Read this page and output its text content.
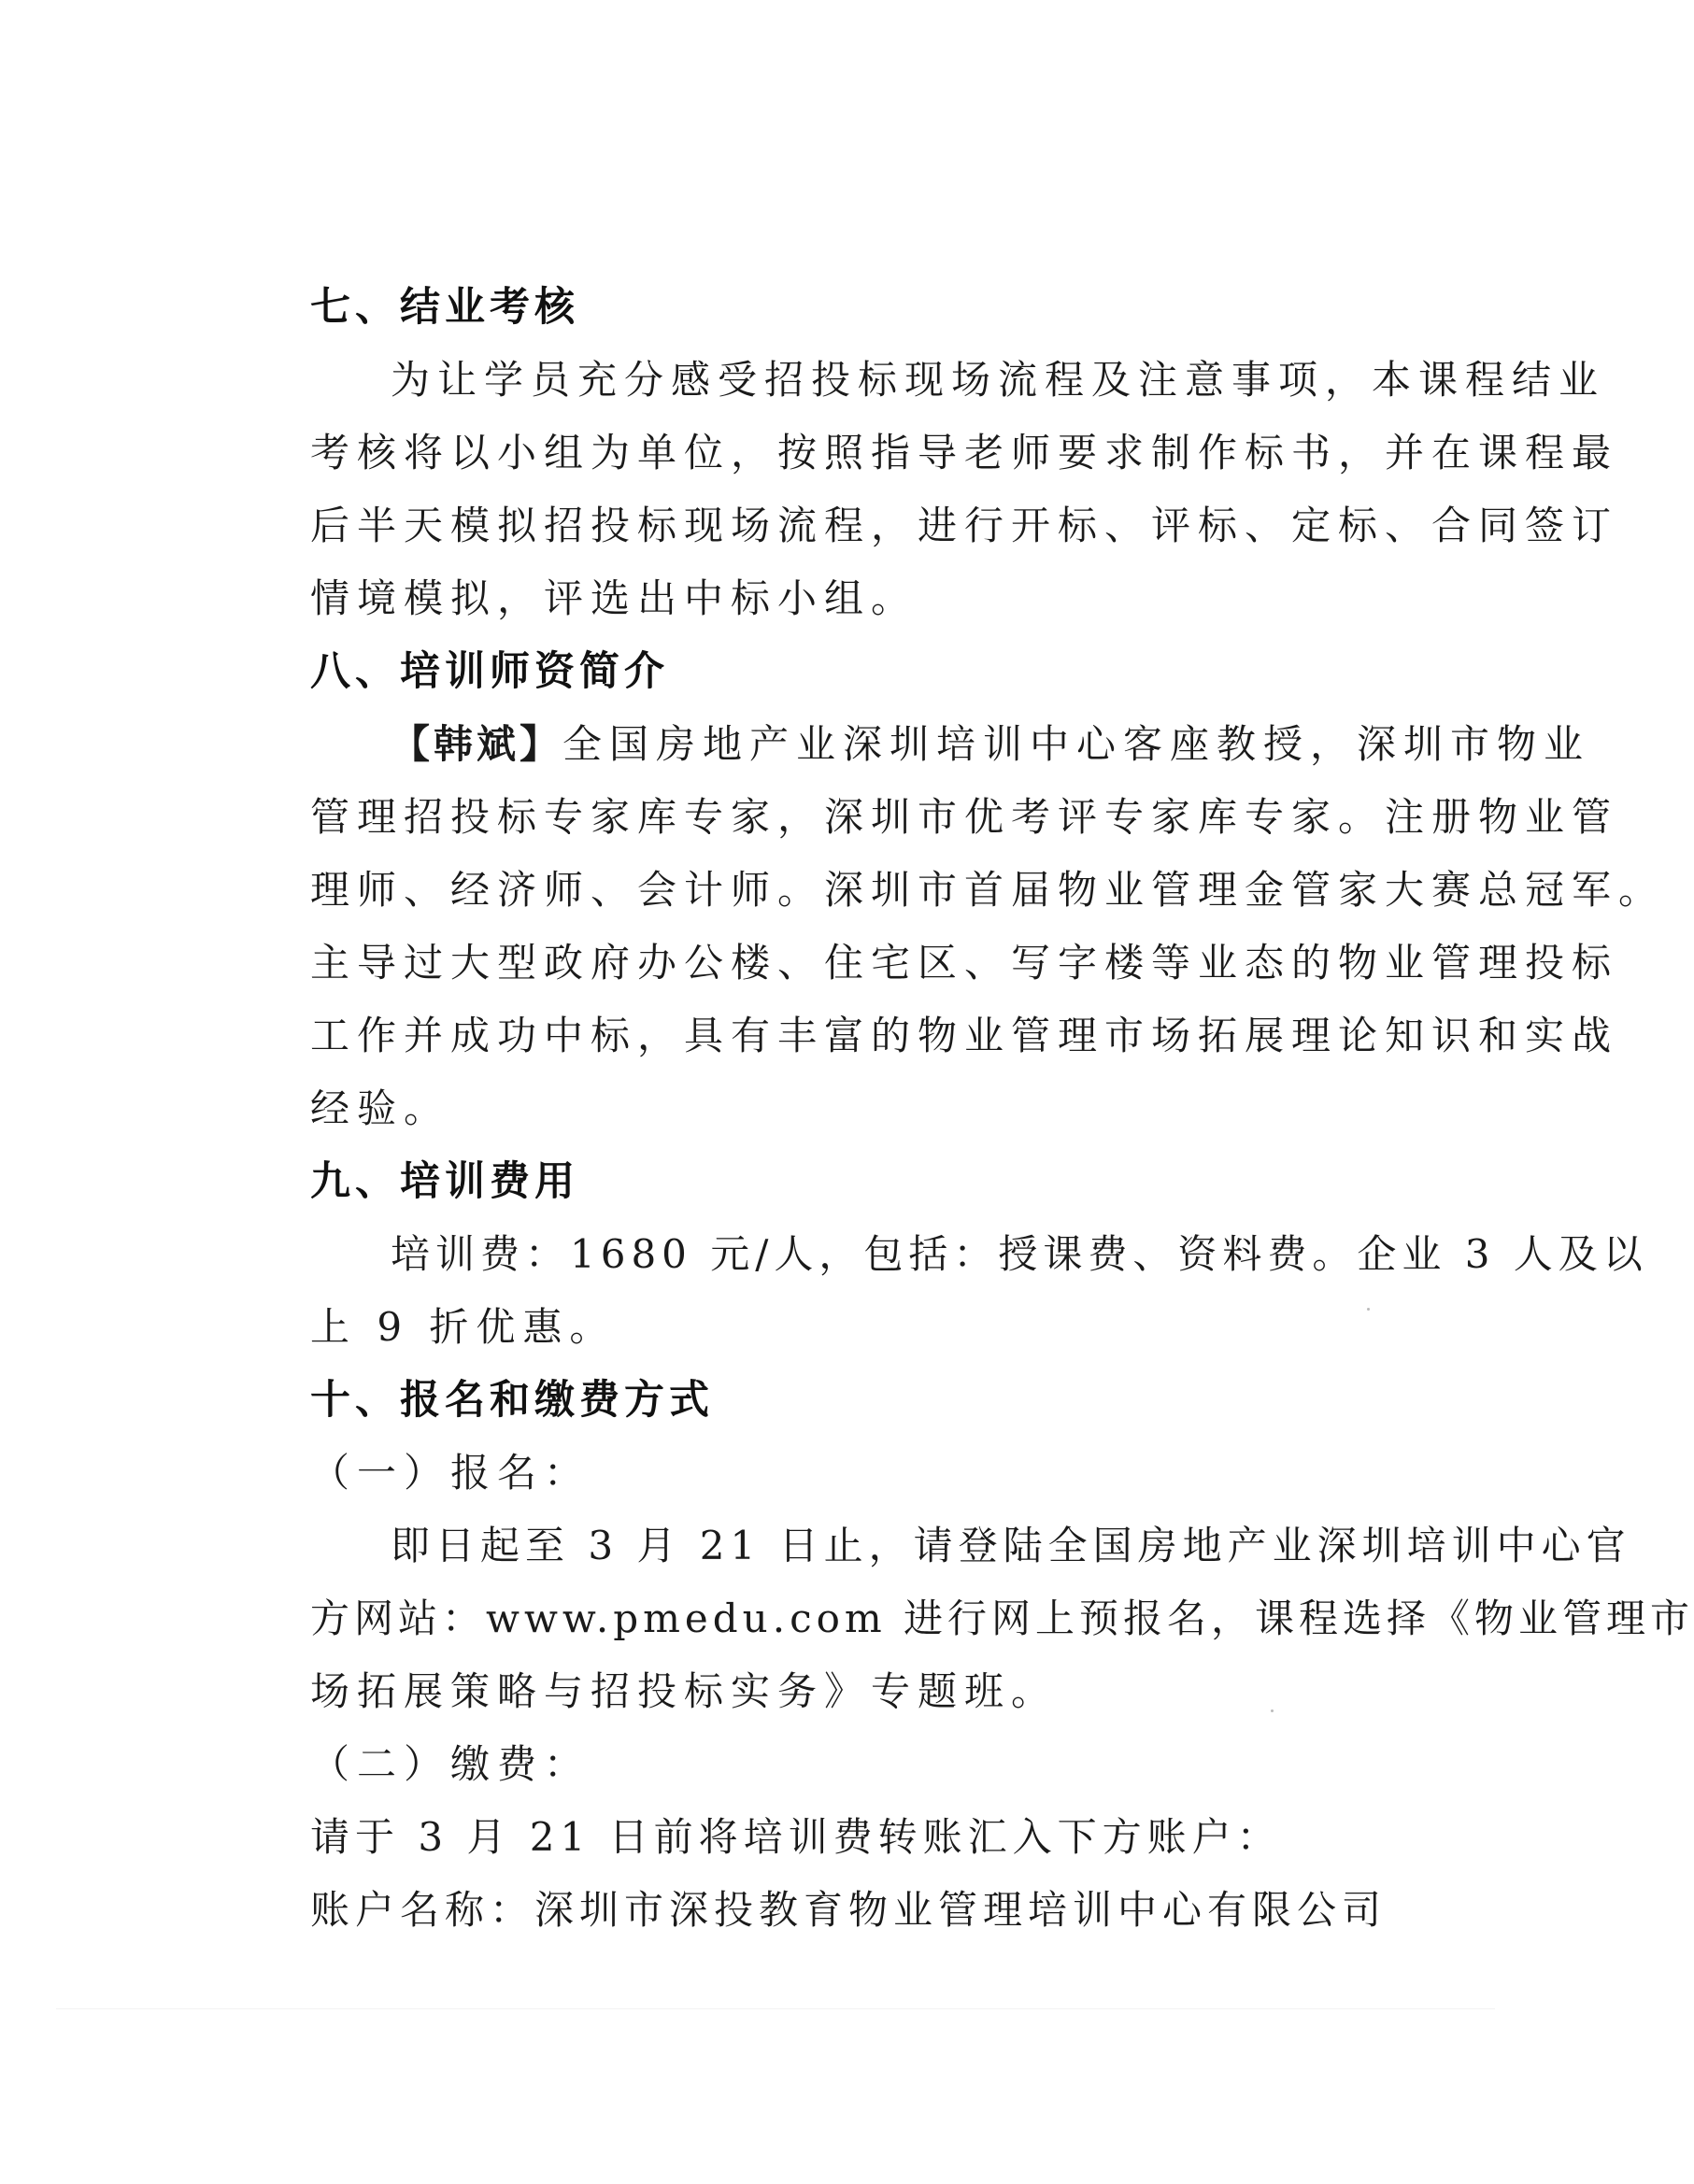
七、结业考核
为让学员充分感受招投标现场流程及注意事项，本课程结业
考核将以小组为单位，按照指导老师要求制作标书，并在课程最
后半天模拟招投标现场流程，进行开标、评标、定标、合同签订
情境模拟，评选出中标小组。
八、培训师资简介
【韩斌】全国房地产业深圳培训中心客座教授，深圳市物业
管理招投标专家库专家，深圳市优考评专家库专家。注册物业管
理师、经济师、会计师。深圳市首届物业管理金管家大赛总冠军。
主导过大型政府办公楼、住宅区、写字楼等业态的物业管理投标
工作并成功中标，具有丰富的物业管理市场拓展理论知识和实战
经验。
九、培训费用
培训费：1680 元/人，包括：授课费、资料费。企业 3 人及以
上 9 折优惠。
十、报名和缴费方式
（一）报名：
即日起至 3 月 21 日止，请登陆全国房地产业深圳培训中心官
方网站：www.pmedu.com 进行网上预报名，课程选择《物业管理市
场拓展策略与招投标实务》专题班。
（二）缴费：
请于 3 月 21 日前将培训费转账汇入下方账户：
账户名称：深圳市深投教育物业管理培训中心有限公司
